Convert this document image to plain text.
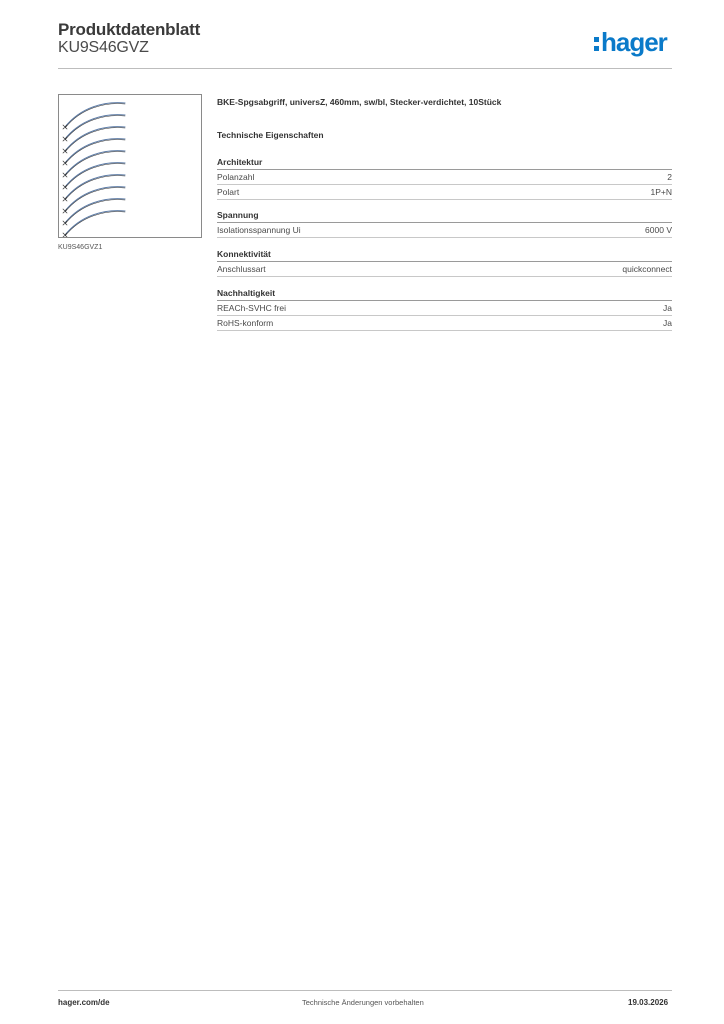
Produktdatenblatt
KU9S46GVZ	hager
KU9S46GVZ1
BKE-Spgsabgriff, universZ, 460mm, sw/bl, Stecker-verdichtet, 10Stück
Technische Eigenschaften
Architektur
Polanzahl	2
Polart	1P+N
Spannung
Isolationsspannung Ui	6000 V
Konnektivität
Anschlussart	quickconnect
Nachhaltigkeit
REACh-SVHC frei	Ja
RoHS-konform	Ja
hager.com/de	Technische Änderungen vorbehalten	19.03.2026
